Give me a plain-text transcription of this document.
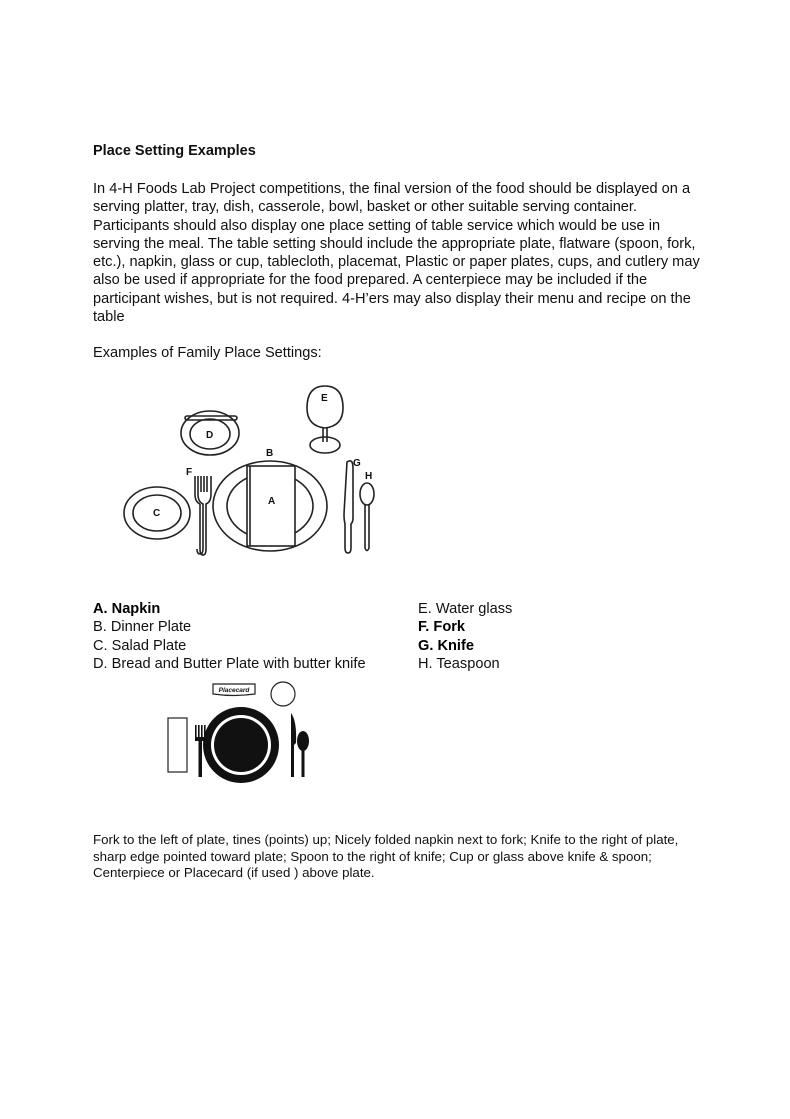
Place Setting Examples
In 4-H Foods Lab Project competitions, the final version of the food should be displayed on a serving platter, tray, dish, casserole, bowl, basket or other suitable serving container. Participants should also display one place setting of table service which would be use in serving the meal. The table setting should include the appropriate plate, flatware (spoon, fork, etc.), napkin, glass or cup, tablecloth, placemat, Plastic or paper plates, cups, and cutlery may also be used if appropriate for the food prepared. A centerpiece may be included if the participant wishes, but is not required. 4-H’ers may also display their menu and recipe on the table
Examples of Family Place Settings:
C
D
F
B
A
E
G
H
A. Napkin
B. Dinner Plate
C. Salad Plate
D. Bread and Butter Plate with butter knife
E. Water glass
F. Fork
G. Knife
H. Teaspoon
Placecard
Fork to the left of plate, tines (points) up; Nicely folded napkin next to fork; Knife to the right of plate, sharp edge pointed toward plate; Spoon to the right of knife; Cup or glass above knife & spoon; Centerpiece or Placecard (if used ) above plate.
